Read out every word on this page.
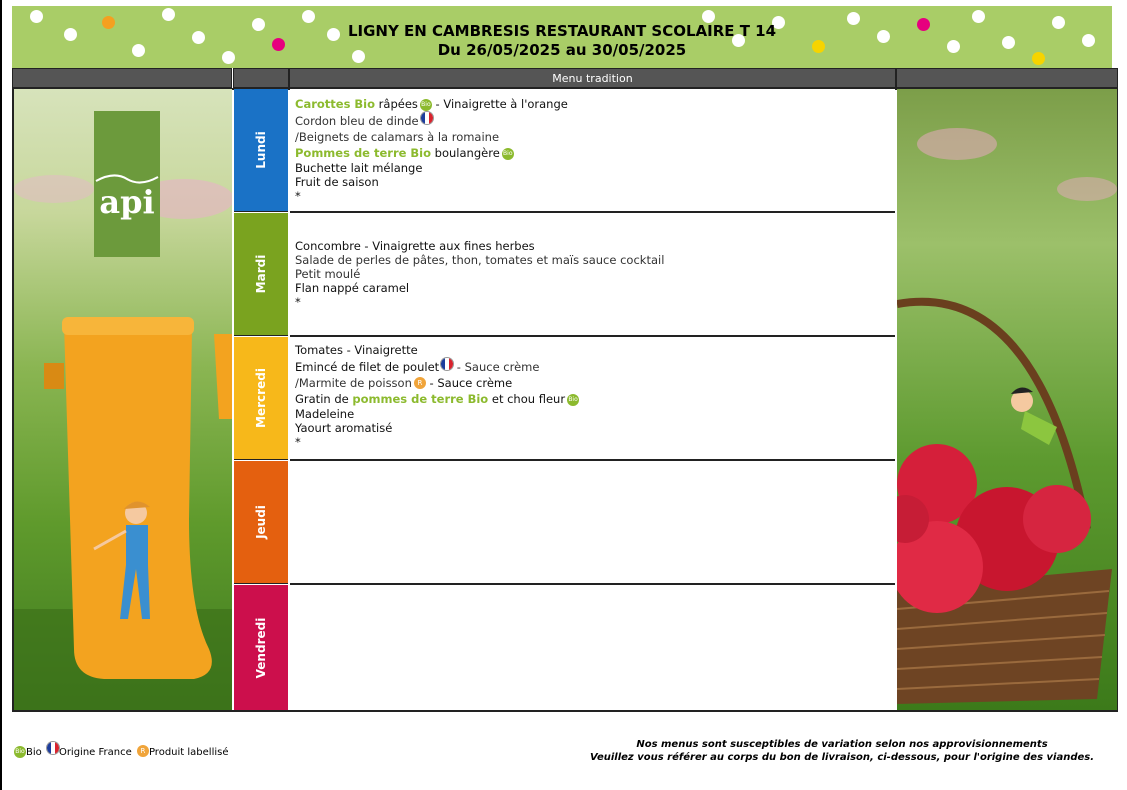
LIGNY EN CAMBRESIS RESTAURANT SCOLAIRE T 14
Du 26/05/2025 au 30/05/2025
Menu tradition
api
Lundi
Mardi
Mercredi
Jeudi
Vendredi
Carottes Bio râpées Bio - Vinaigrette à l'orange
Cordon bleu de dinde
/Beignets de calamars à la romaine
Pommes de terre Bio boulangère Bio
Buchette lait mélange
Fruit de saison
*
Concombre - Vinaigrette aux fines herbes
Salade de perles de pâtes, thon, tomates et maïs sauce cocktail
Petit moulé
Flan nappé caramel
*
Tomates - Vinaigrette
Emincé de filet de poulet - Sauce crème
/Marmite de poisson R - Sauce crème
Gratin de pommes de terre Bio et chou fleur Bio
Madeleine
Yaourt aromatisé
*
BioBio Origine France R Produit labellisé
Nos menus sont susceptibles de variation selon nos approvisionnements
Veuillez vous référer au corps du bon de livraison, ci-dessous, pour l'origine des viandes.
